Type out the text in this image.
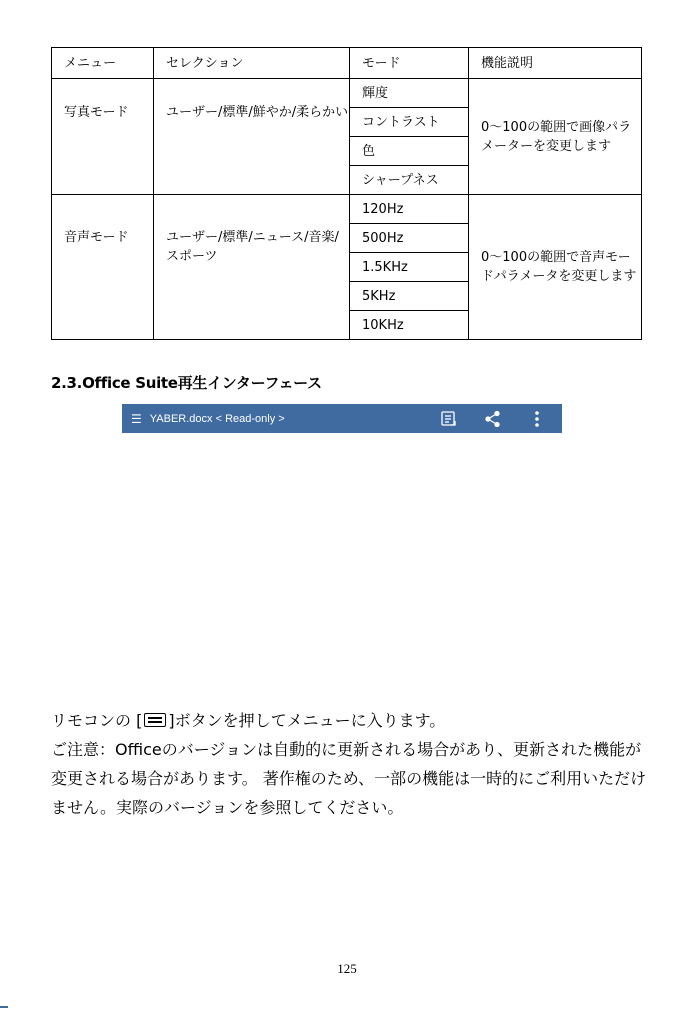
メニュー	セレクション	モード	機能説明
写真モード	ユーザー/標準/鮮やか/柔らかい	輝度	0～100の範囲で画像パラメーターを変更します
		コントラスト	
		色	
		シャープネス	
音声モード	ユーザー/標準/ニュース/音楽/スポーツ	120Hz	0～100の範囲で音声モードパラメータを変更します
		500Hz	
		1.5KHz	
		5KHz	
		10KHz	
2.3.Office Suite再生インターフェース
☰ YABER.docx < Read-only >
リモコンの [ ]ボタンを押してメニューに入ります。
ご注意：Officeのバージョンは自動的に更新される場合があり、更新された機能が変更される場合があります。 著作権のため、一部の機能は一時的にご利用いただけません。実際のバージョンを参照してください。
125
